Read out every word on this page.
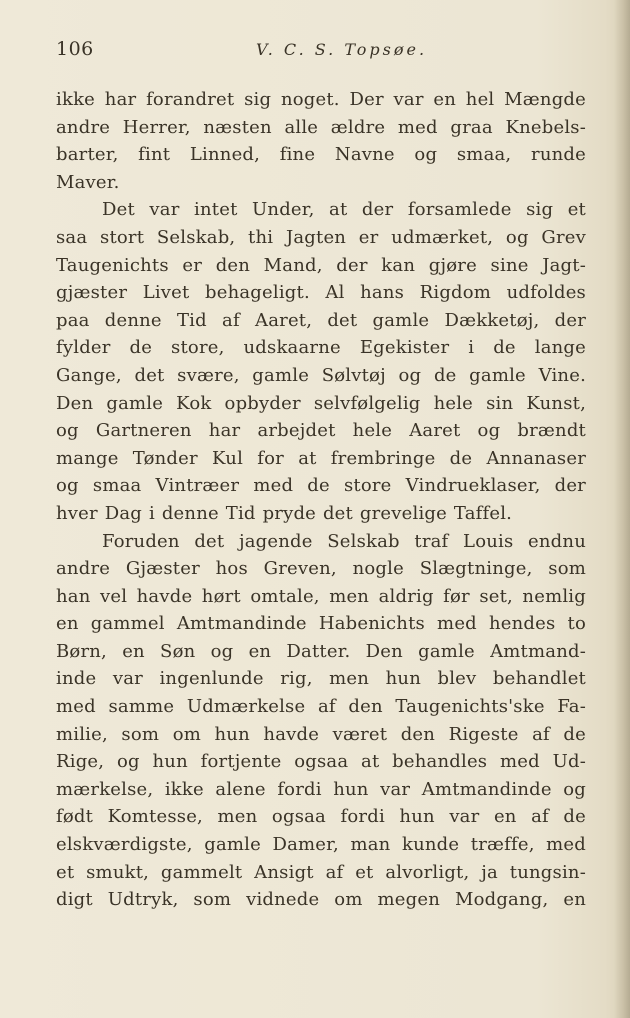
106	V. C. S. Topsøe.
ikke har forandret sig noget. Der var en hel Mængde
andre Herrer, næsten alle ældre med graa Knebels-
barter, fint Linned, fine Navne og smaa, runde
Maver.
Det var intet Under, at der forsamlede sig et
saa stort Selskab, thi Jagten er udmærket, og Grev
Taugenichts er den Mand, der kan gjøre sine Jagt-
gjæster Livet behageligt. Al hans Rigdom udfoldes
paa denne Tid af Aaret, det gamle Dækketøj, der
fylder de store, udskaarne Egekister i de lange
Gange, det svære, gamle Sølvtøj og de gamle Vine.
Den gamle Kok opbyder selvfølgelig hele sin Kunst,
og Gartneren har arbejdet hele Aaret og brændt
mange Tønder Kul for at frembringe de Annanaser
og smaa Vintræer med de store Vindrueklaser, der
hver Dag i denne Tid pryde det grevelige Taffel.
Foruden det jagende Selskab traf Louis endnu
andre Gjæster hos Greven, nogle Slægtninge, som
han vel havde hørt omtale, men aldrig før set, nemlig
en gammel Amtmandinde Habenichts med hendes to
Børn, en Søn og en Datter. Den gamle Amtmand-
inde var ingenlunde rig, men hun blev behandlet
med samme Udmærkelse af den Taugenichts'ske Fa-
milie, som om hun havde været den Rigeste af de
Rige, og hun fortjente ogsaa at behandles med Ud-
mærkelse, ikke alene fordi hun var Amtmandinde og
født Komtesse, men ogsaa fordi hun var en af de
elskværdigste, gamle Damer, man kunde træffe, med
et smukt, gammelt Ansigt af et alvorligt, ja tungsin-
digt Udtryk, som vidnede om megen Modgang, en
